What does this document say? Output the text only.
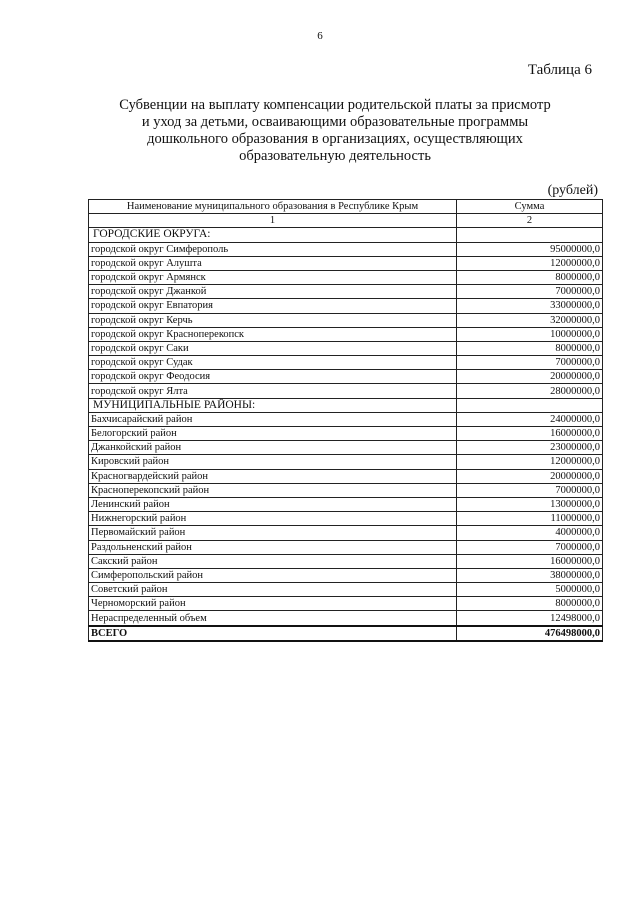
6
Таблица 6
Субвенции на выплату компенсации родительской платы за присмотр
и уход за детьми, осваивающими образовательные программы
дошкольного образования в организациях, осуществляющих
образовательную деятельность
(рублей)
Наименование муниципального образования в Республике Крым	Сумма
1	2
ГОРОДСКИЕ ОКРУГА:	
городской округ Симферополь	95000000,0
городской округ Алушта	12000000,0
городской округ Армянск	8000000,0
городской округ Джанкой	7000000,0
городской округ Евпатория	33000000,0
городской округ Керчь	32000000,0
городской округ Красноперекопск	10000000,0
городской округ Саки	8000000,0
городской округ Судак	7000000,0
городской округ Феодосия	20000000,0
городской округ Ялта	28000000,0
МУНИЦИПАЛЬНЫЕ РАЙОНЫ:	
Бахчисарайский район	24000000,0
Белогорский район	16000000,0
Джанкойский район	23000000,0
Кировский район	12000000,0
Красногвардейский район	20000000,0
Красноперекопский район	7000000,0
Ленинский район	13000000,0
Нижнегорский район	11000000,0
Первомайский район	4000000,0
Раздольненский район	7000000,0
Сакский район	16000000,0
Симферопольский район	38000000,0
Советский район	5000000,0
Черноморский район	8000000,0
Нераспределенный объем	12498000,0
ВСЕГО	476498000,0
